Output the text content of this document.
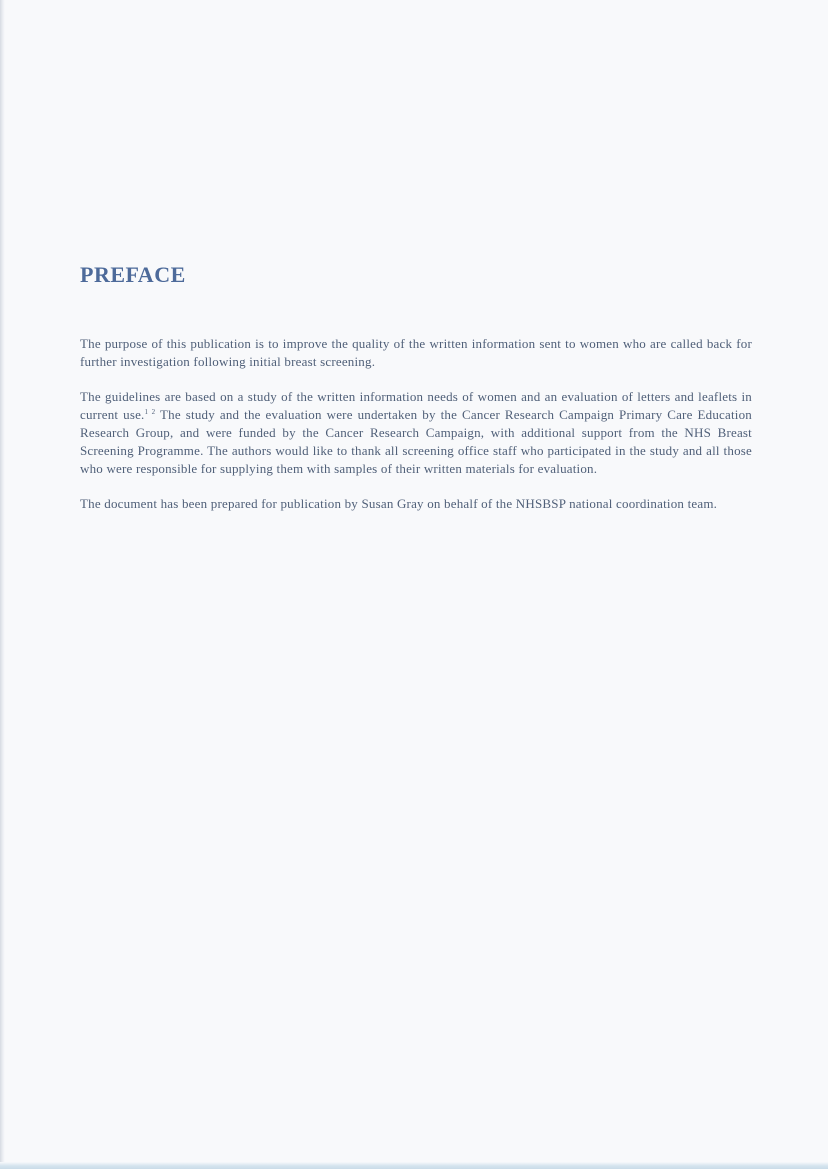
PREFACE

The purpose of this publication is to improve the quality of the written information sent to women who are called back for further investigation following initial breast screening.

The guidelines are based on a study of the written information needs of women and an evaluation of letters and leaflets in current use.$^{1 2}$ The study and the evaluation were undertaken by the Cancer Research Campaign Primary Care Education Research Group, and were funded by the Cancer Research Campaign, with additional support from the NHS Breast Screening Programme. The authors would like to thank all screening office staff who participated in the study and all those who were responsible for supplying them with samples of their written materials for evaluation.

The document has been prepared for publication by Susan Gray on behalf of the NHSBSP national coordination team.
